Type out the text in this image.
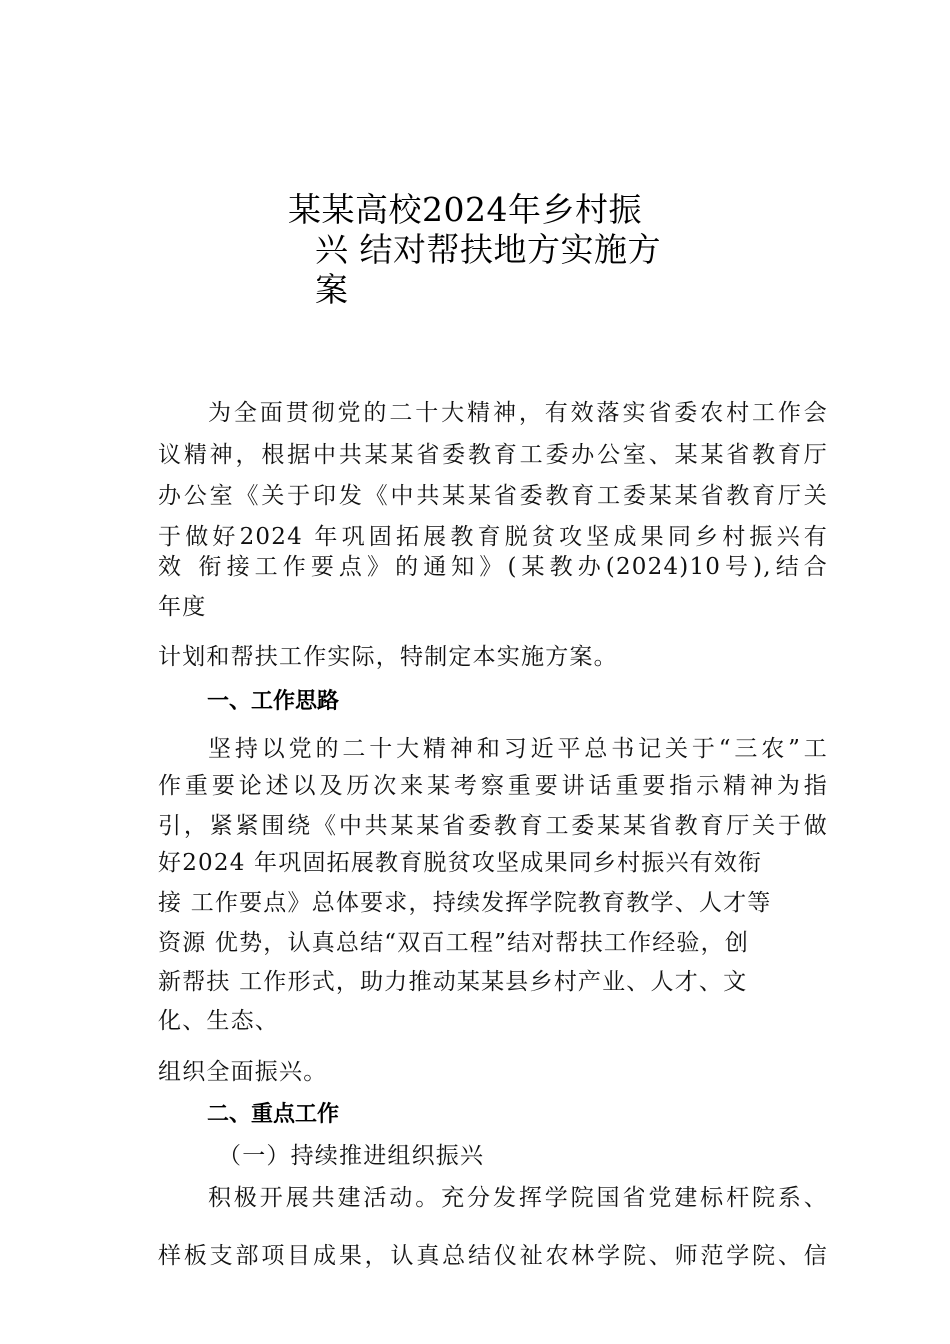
某某高校2024年乡村振
兴 结对帮扶地方实施方
案
为全面贯彻党的二十大精神，有效落实省委农村工作会
议精神，根据中共某某省委教育工委办公室、某某省教育厅
办公室《关于印发《中共某某省委教育工委某某省教育厅关
于做好2024 年巩固拓展教育脱贫攻坚成果同乡村振兴有
效 衔接工作要点》的通知》(某教办(2024)10号),结合
年度
计划和帮扶工作实际，特制定本实施方案。
一、工作思路
坚持以党的二十大精神和习近平总书记关于“三农”工
作重要论述以及历次来某考察重要讲话重要指示精神为指
引，紧紧围绕《中共某某省委教育工委某某省教育厅关于做
好2024 年巩固拓展教育脱贫攻坚成果同乡村振兴有效衔
接 工作要点》总体要求，持续发挥学院教育教学、人才等
资源 优势，认真总结“双百工程”结对帮扶工作经验，创
新帮扶 工作形式，助力推动某某县乡村产业、人才、文
化、生态、
组织全面振兴。
二、重点工作
（一）持续推进组织振兴
积极开展共建活动。充分发挥学院国省党建标杆院系、
样板支部项目成果，认真总结仪祉农林学院、师范学院、信
